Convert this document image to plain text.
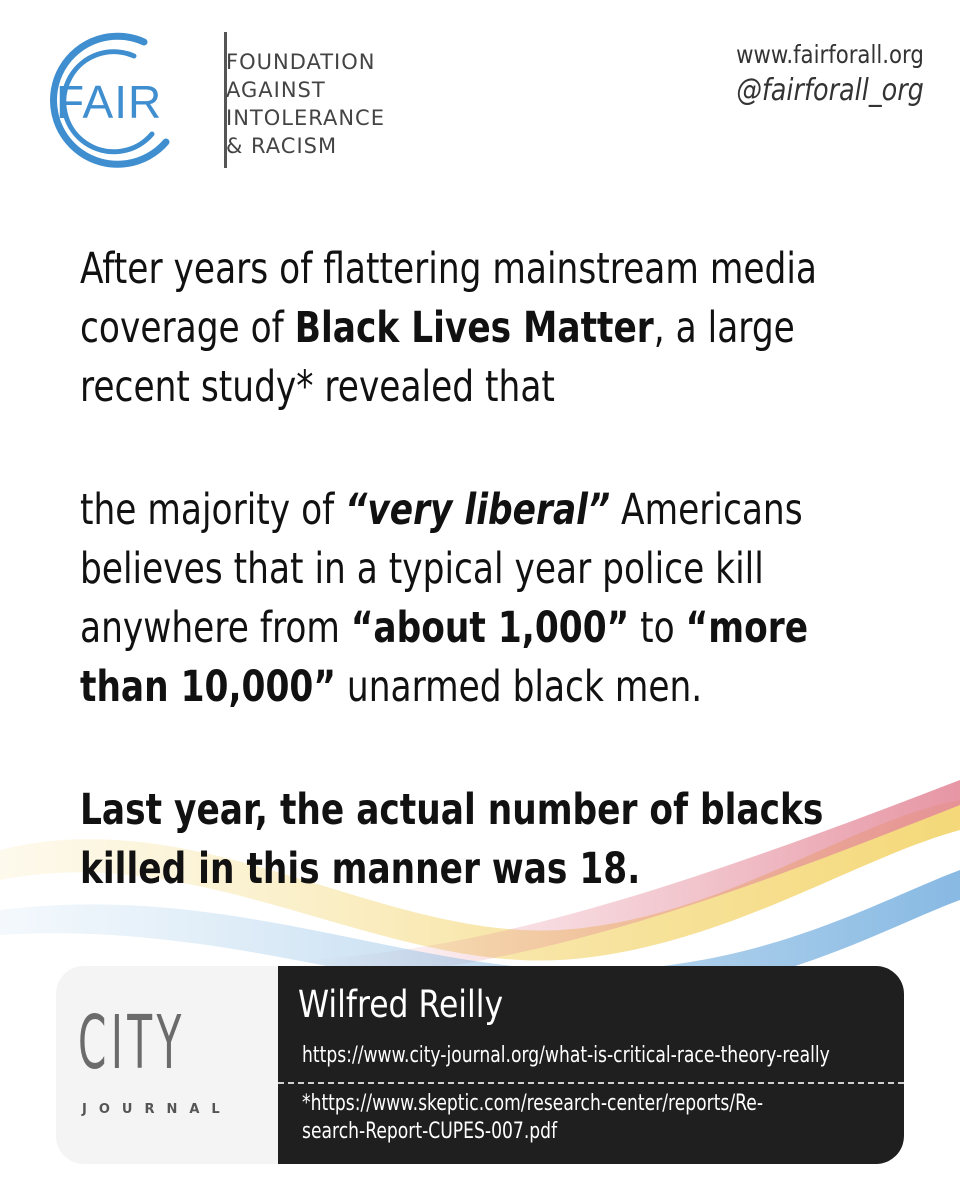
FAIR
FOUNDATION
AGAINST
INTOLERANCE
& RACISM
www.fairforall.org
@fairforall_org

After years of flattering mainstream media

coverage of Black Lives Matter, a large

recent study* revealed that

the majority of “very liberal” Americans

believes that in a typical year police kill

anywhere from “about 1,000” to “more

than 10,000” unarmed black men.

Last year, the actual number of blacks

killed in this manner was 18.

CITY
JOURNAL
Wilfred Reilly
https://www.city-journal.org/what-is-critical-race-theory-really
*https://www.skeptic.com/research-center/reports/Re-
search-Report-CUPES-007.pdf
